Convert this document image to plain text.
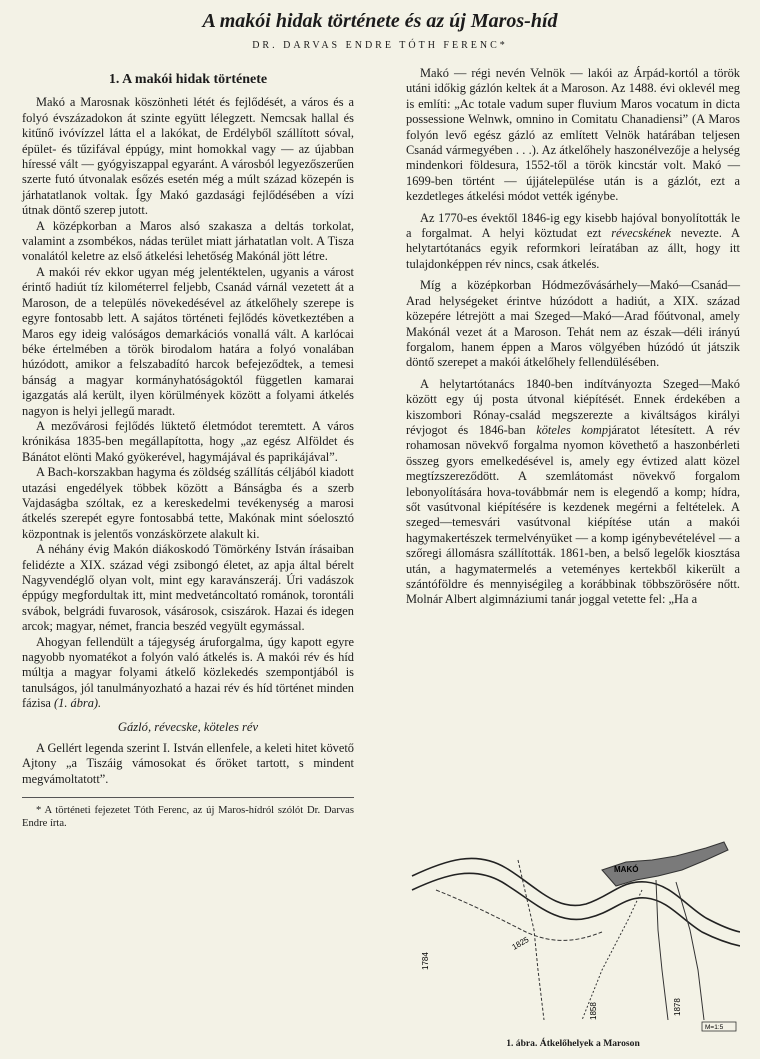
A makói hidak története és az új Maros-híd
DR. DARVAS ENDRE TÓTH FERENC*
1. A makói hidak története

Makó a Marosnak köszönheti létét és fejlődését, a város és a folyó évszázadokon át szinte együtt lélegzett. Nemcsak hallal és kitűnő ivóvízzel látta el a lakókat, de Erdélyből szállított sóval, épület- és tűzifával éppúgy, mint homokkal vagy — az újabban híressé vált — gyógyiszappal egyaránt. A városból legyezőszerűen szerte futó útvonalak esőzés esetén még a múlt század közepén is járhatatlanok voltak. Így Makó gazdasági fejlődésében a vízi útnak döntő szerep jutott.

A középkorban a Maros alsó szakasza a deltás torkolat, valamint a zsombékos, nádas terület miatt járhatatlan volt. A Tisza vonalától keletre az első átkelési lehetőség Makónál jött létre.

A makói rév ekkor ugyan még jelentéktelen, ugyanis a várost érintő hadiút tíz kilométerrel feljebb, Csanád várnál vezetett át a Maroson, de a település növekedésével az átkelőhely szerepe is egyre fontosabb lett. A sajátos történeti fejlődés következtében a Maros egy ideig valóságos demarkációs vonallá vált. A karlócai béke értelmében a török birodalom határa a folyó vonalában húzódott, amikor a felszabadító harcok befejeződtek, a temesi bánság a magyar kormányhatóságoktól független kamarai igazgatás alá került, ilyen körülmények között a folyami átkelés nagyon is helyi jellegű maradt.

A mezővárosi fejlődés lüktető életmódot teremtett. A város krónikása 1835-ben megállapította, hogy „az egész Alföldet és Bánátot elönti Makó gyökerével, hagymájával és paprikájával”.

A Bach-korszakban hagyma és zöldség szállítás céljából kiadott utazási engedélyek többek között a Bánságba és a szerb Vajdaságba szóltak, ez a kereskedelmi tevékenység a marosi átkelés szerepét egyre fontosabbá tette, Makónak mint sóelosztó központnak is jelentős vonzáskörzete alakult ki.

A néhány évig Makón diákoskodó Tömörkény István írásaiban felidézte a XIX. század végi zsibongó életet, az apja által bérelt Nagyvendéglő olyan volt, mint egy karavánszeráj. Úri vadászok éppúgy megfordultak itt, mint medvetáncoltató románok, torontáli svábok, belgrádi fuvarosok, vásárosok, csiszárok. Hazai és idegen arcok; magyar, német, francia beszéd vegyült egymással.

Ahogyan fellendült a tájegység áruforgalma, úgy kapott egyre nagyobb nyomatékot a folyón való átkelés is. A makói rév és híd múltja a magyar folyami átkelő közlekedés szempontjából is tanulságos, jól tanulmányozható a hazai rév és híd történet minden fázisa (1. ábra).

Gázló, révecske, köteles rév

A Gellért legenda szerint I. István ellenfele, a keleti hitet követő Ajtony „a Tiszáig vámosokat és őröket tartott, s mindent megvámoltatott”.

* A történeti fejezetet Tóth Ferenc, az új Maros-hídról szólót Dr. Darvas Endre írta.

Makó — régi nevén Velnök — lakói az Árpád-kortól a török utáni időkig gázlón keltek át a Maroson. Az 1488. évi oklevél meg is említi: „Ac totale vadum super fluvium Maros vocatum in dicta possessione Welnwk, omnino in Comitatu Chanadiensi” (A Maros folyón levő egész gázló az említett Velnök határában teljesen Csanád vármegyében . . .). Az átkelőhely haszonélvezője a helység mindenkori földesura, 1552-től a török kincstár volt. Makó — 1699-ben történt — újjátelepülése után is a gázlót, ezt a kezdetleges átkelési módot vették igénybe.

Az 1770-es évektől 1846-ig egy kisebb hajóval bonyolították le a forgalmat. A helyi köztudat ezt révecskének nevezte. A helytartótanács egyik reformkori leíratában az állt, hogy itt tulajdonképpen rév nincs, csak átkelés.

Míg a középkorban Hódmezővásárhely—Makó—Csanád—Arad helységeket érintve húzódott a hadiút, a XIX. század közepére létrejött a mai Szeged—Makó—Arad főútvonal, amely Makónál vezet át a Maroson. Tehát nem az észak—déli irányú forgalom, hanem éppen a Maros völgyében húzódó út játszik döntő szerepet a makói átkelőhely fellendülésében.

A helytartótanács 1840-ben indítványozta Szeged—Makó között egy új posta útvonal kiépítését. Ennek érdekében a kiszombori Rónay-család megszerezte a kiváltságos királyi révjogot és 1846-ban köteles kompjáratot létesített. A rév rohamosan növekvő forgalma nyomon követhető a haszonbérleti összeg gyors emelkedésével is, amely egy évtized alatt közel megtízszereződött. A szemlátomást növekvő forgalom lebonyolítására hova-továbbmár nem is elegendő a komp; hídra, sőt vasútvonal kiépítésére is kezdenek megérni a feltételek. A szeged—temesvári vasútvonal kiépítése után a makói hagymakertészek termelvényüket — a komp igénybevételével — a szőregi állomásra szállították. 1861-ben, a belső legelők kiosztása után, a hagymatermelés a veteményes kertekből kikerült a szántóföldre és mennyiségileg a korábbinak többszörösére nőtt. Molnár Albert algimnáziumi tanár joggal vetette fel: „Ha a

MAKÓ
1784
1825
1858	1878
M=1:5
1. ábra. Átkelőhelyek a Maroson
